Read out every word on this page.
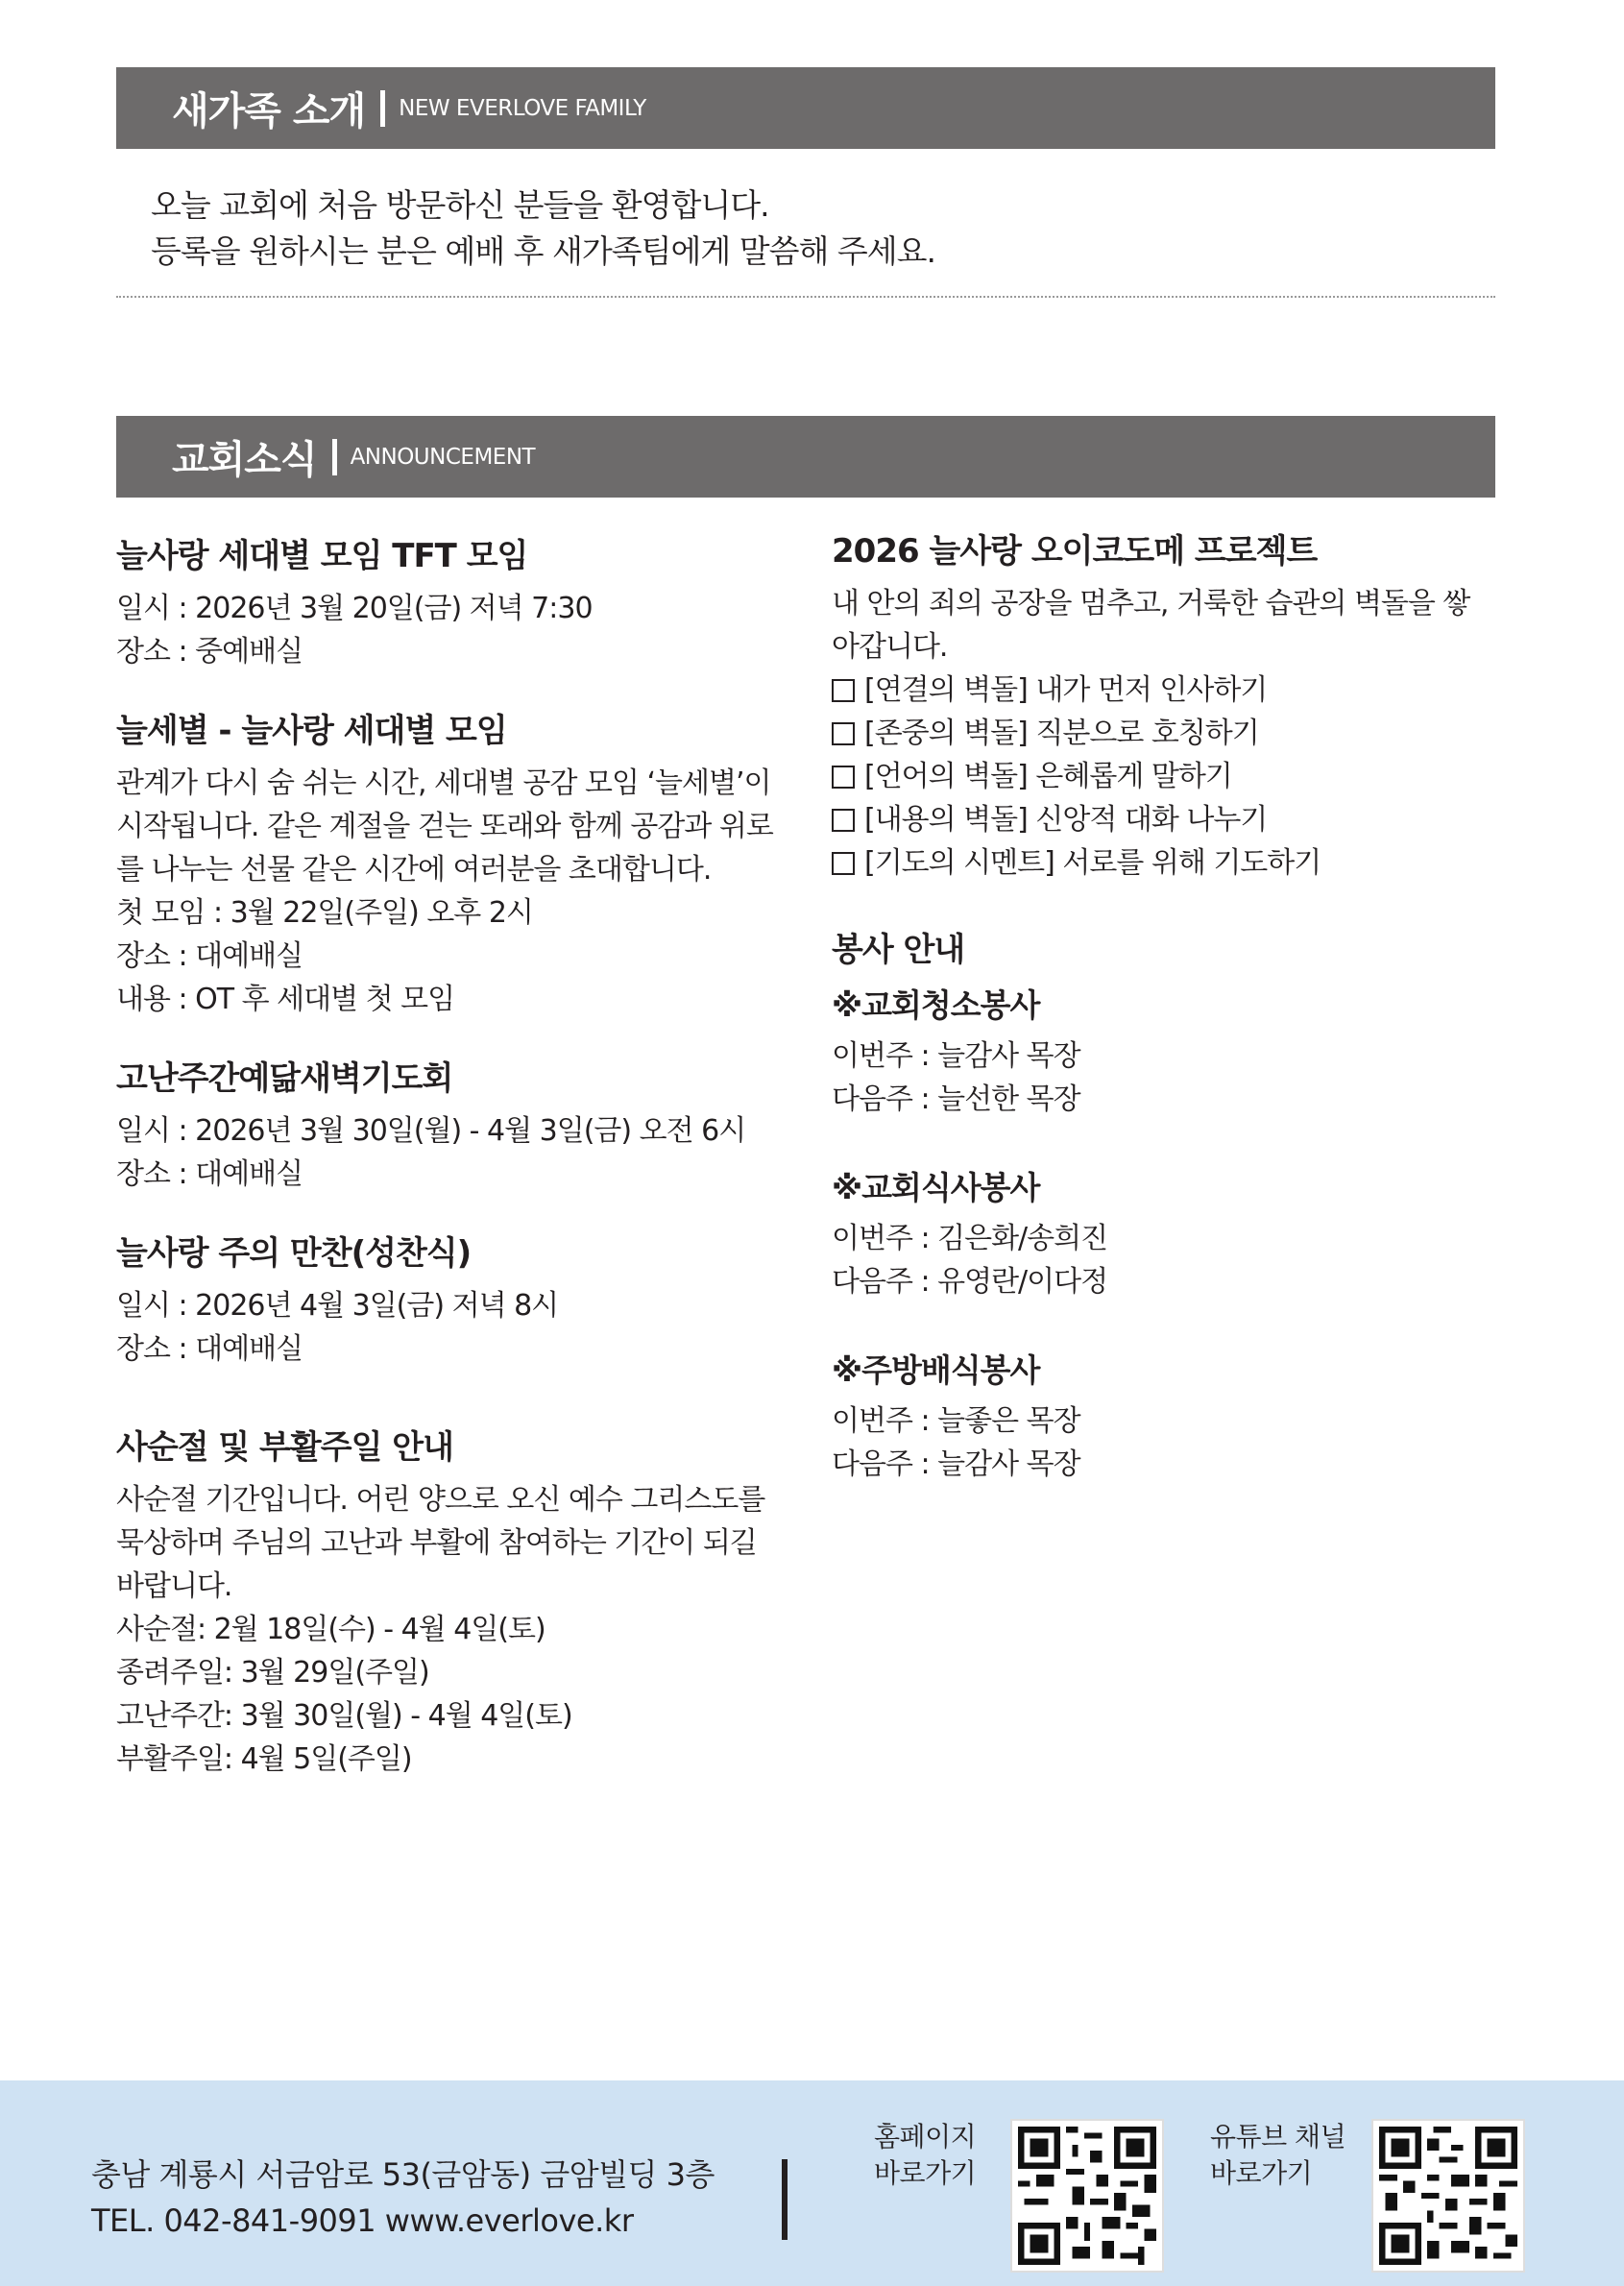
새가족 소개 NEW EVERLOVE FAMILY
오늘 교회에 처음 방문하신 분들을 환영합니다.
등록을 원하시는 분은 예배 후 새가족팀에게 말씀해 주세요.
교회소식 ANNOUNCEMENT
늘사랑 세대별 모임 TFT 모임
일시 : 2026년 3월 20일(금) 저녁 7:30
장소 : 중예배실
늘세별 - 늘사랑 세대별 모임
관계가 다시 숨 쉬는 시간, 세대별 공감 모임 ‘늘세별’이 시작됩니다. 같은 계절을 걷는 또래와 함께 공감과 위로를 나누는 선물 같은 시간에 여러분을 초대합니다.
첫 모임 : 3월 22일(주일) 오후 2시
장소 : 대예배실
내용 : OT 후 세대별 첫 모임
고난주간예닮새벽기도회
일시 : 2026년 3월 30일(월) - 4월 3일(금) 오전 6시
장소 : 대예배실
늘사랑 주의 만찬(성찬식)
일시 : 2026년 4월 3일(금) 저녁 8시
장소 : 대예배실
사순절 및 부활주일 안내
사순절 기간입니다. 어린 양으로 오신 예수 그리스도를 묵상하며 주님의 고난과 부활에 참여하는 기간이 되길 바랍니다.
사순절: 2월 18일(수) - 4월 4일(토)
종려주일: 3월 29일(주일)
고난주간: 3월 30일(월) - 4월 4일(토)
부활주일: 4월 5일(주일)
2026 늘사랑 오이코도메 프로젝트
내 안의 죄의 공장을 멈추고, 거룩한 습관의 벽돌을 쌓아갑니다.
[연결의 벽돌] 내가 먼저 인사하기
[존중의 벽돌] 직분으로 호칭하기
[언어의 벽돌] 은혜롭게 말하기
[내용의 벽돌] 신앙적 대화 나누기
[기도의 시멘트] 서로를 위해 기도하기
봉사 안내
※교회청소봉사
이번주 : 늘감사 목장
다음주 : 늘선한 목장
※교회식사봉사
이번주 : 김은화/송희진
다음주 : 유영란/이다정
※주방배식봉사
이번주 : 늘좋은 목장
다음주 : 늘감사 목장
충남 계룡시 서금암로 53(금암동) 금암빌딩 3층
TEL. 042-841-9091 www.everlove.kr
홈페이지
바로가기
유튜브 채널
바로가기
